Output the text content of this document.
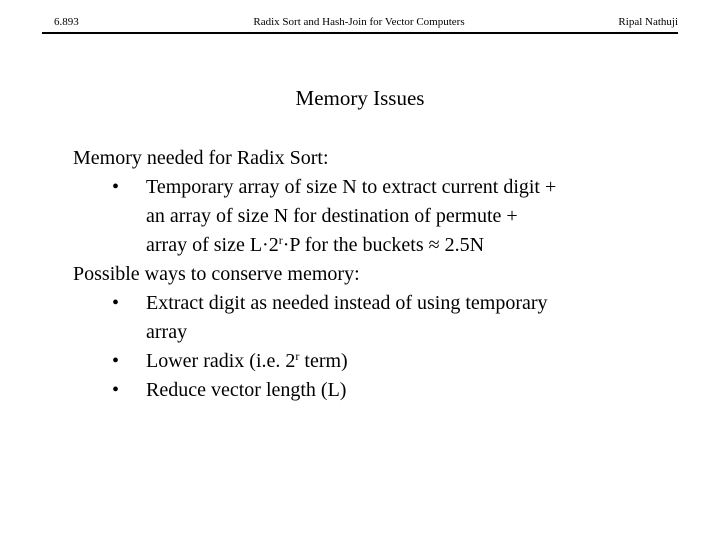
6.893	Radix Sort and Hash-Join for Vector Computers	Ripal Nathuji
Memory Issues
Memory needed for Radix Sort:
• Temporary array of size N to extract current digit +
an array of size N for destination of permute +
array of size $L\cdot 2^r\cdot P$ for the buckets ≈ 2.5N
Possible ways to conserve memory:
• Extract digit as needed instead of using temporary
array
• Lower radix (i.e. 2$^r$ term)
• Reduce vector length (L)
